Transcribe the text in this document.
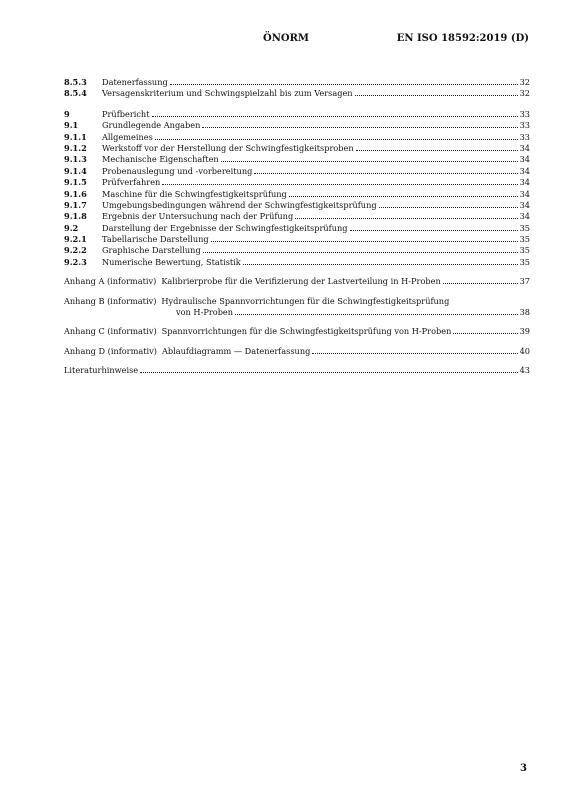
ÖNORM	EN ISO 18592:2019 (D)
8.5.3	Datenerfassung	32
8.5.4	Versagenskriterium und Schwingspielzahl bis zum Versagen	32
9	Prüfbericht	33
9.1	Grundlegende Angaben	33
9.1.1	Allgemeines	33
9.1.2	Werkstoff vor der Herstellung der Schwingfestigkeitsproben	34
9.1.3	Mechanische Eigenschaften	34
9.1.4	Probenauslegung und -vorbereitung	34
9.1.5	Prüfverfahren	34
9.1.6	Maschine für die Schwingfestigkeitsprüfung	34
9.1.7	Umgebungsbedingungen während der Schwingfestigkeitsprüfung	34
9.1.8	Ergebnis der Untersuchung nach der Prüfung	34
9.2	Darstellung der Ergebnisse der Schwingfestigkeitsprüfung	35
9.2.1	Tabellarische Darstellung	35
9.2.2	Graphische Darstellung	35
9.2.3	Numerische Bewertung, Statistik	35
Anhang A (informativ) Kalibrierprobe für die Verifizierung der Lastverteilung in H-Proben	37
Anhang B (informativ) Hydraulische Spannvorrichtungen für die Schwingfestigkeitsprüfung
von H-Proben	38
Anhang C (informativ) Spannvorrichtungen für die Schwingfestigkeitsprüfung von H-Proben	39
Anhang D (informativ) Ablaufdiagramm — Datenerfassung	40
Literaturhinweise	43
3
